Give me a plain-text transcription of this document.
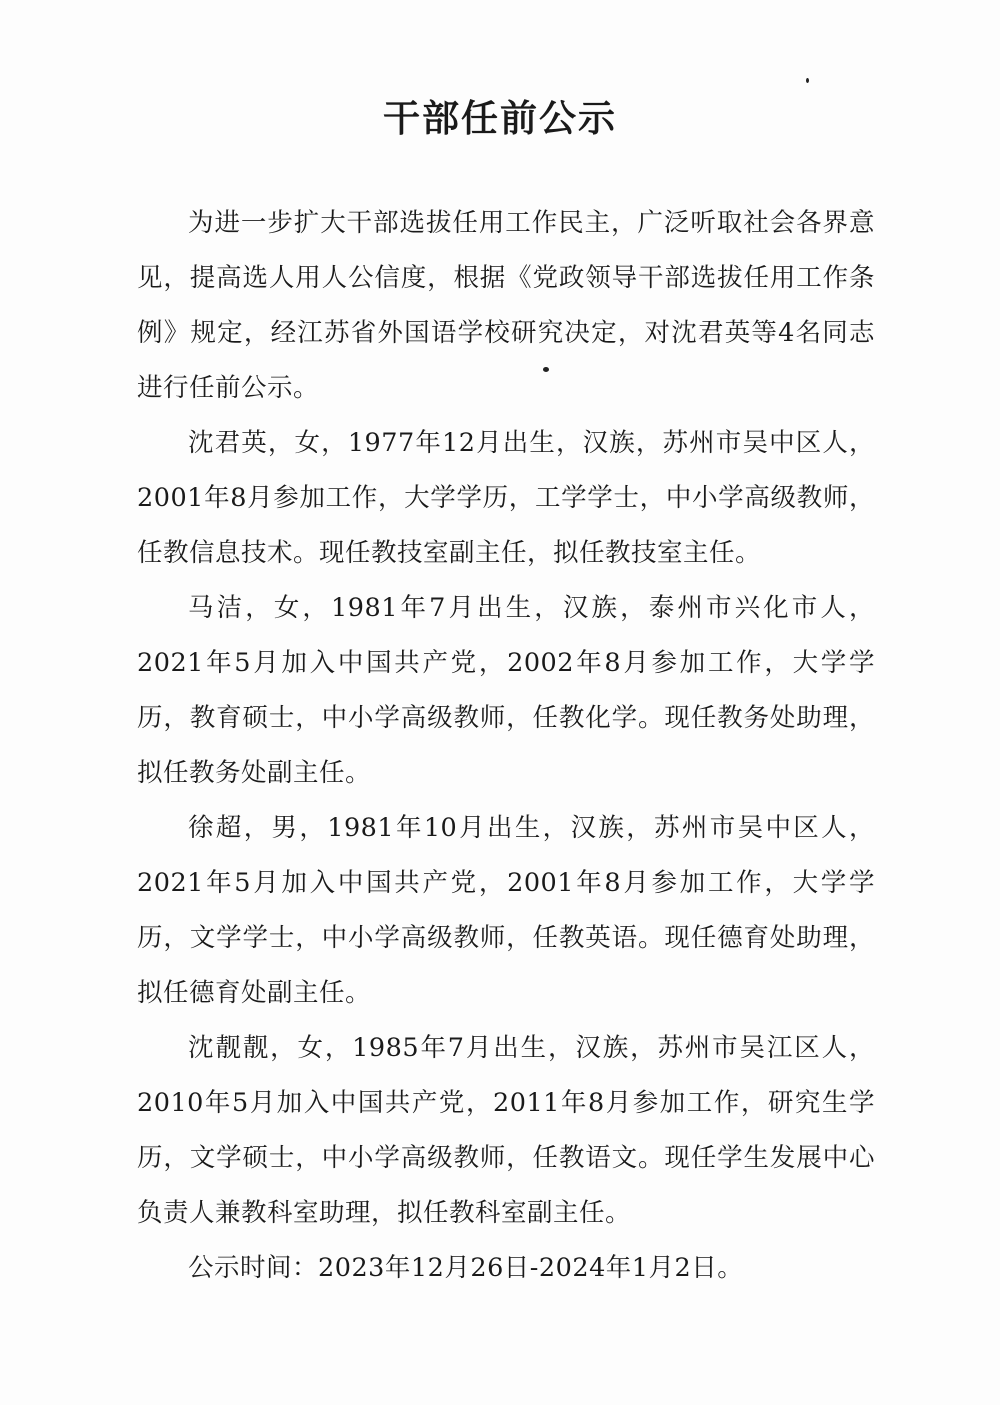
干部任前公示

为进一步扩大干部选拔任用工作民主，广泛听取社会各界意见，提高选人用人公信度，根据《党政领导干部选拔任用工作条例》规定，经江苏省外国语学校研究决定，对沈君英等4名同志进行任前公示。

沈君英，女，1977年12月出生，汉族，苏州市吴中区人，2001年8月参加工作，大学学历，工学学士，中小学高级教师，任教信息技术。现任教技室副主任，拟任教技室主任。

马洁，女，1981年7月出生，汉族，泰州市兴化市人，2021年5月加入中国共产党，2002年8月参加工作，大学学历，教育硕士，中小学高级教师，任教化学。现任教务处助理，拟任教务处副主任。

徐超，男，1981年10月出生，汉族，苏州市吴中区人，2021年5月加入中国共产党，2001年8月参加工作，大学学历，文学学士，中小学高级教师，任教英语。现任德育处助理，拟任德育处副主任。

沈靓靓，女，1985年7月出生，汉族，苏州市吴江区人，2010年5月加入中国共产党，2011年8月参加工作，研究生学历，文学硕士，中小学高级教师，任教语文。现任学生发展中心负责人兼教科室助理，拟任教科室副主任。

公示时间：2023年12月26日-2024年1月2日。
